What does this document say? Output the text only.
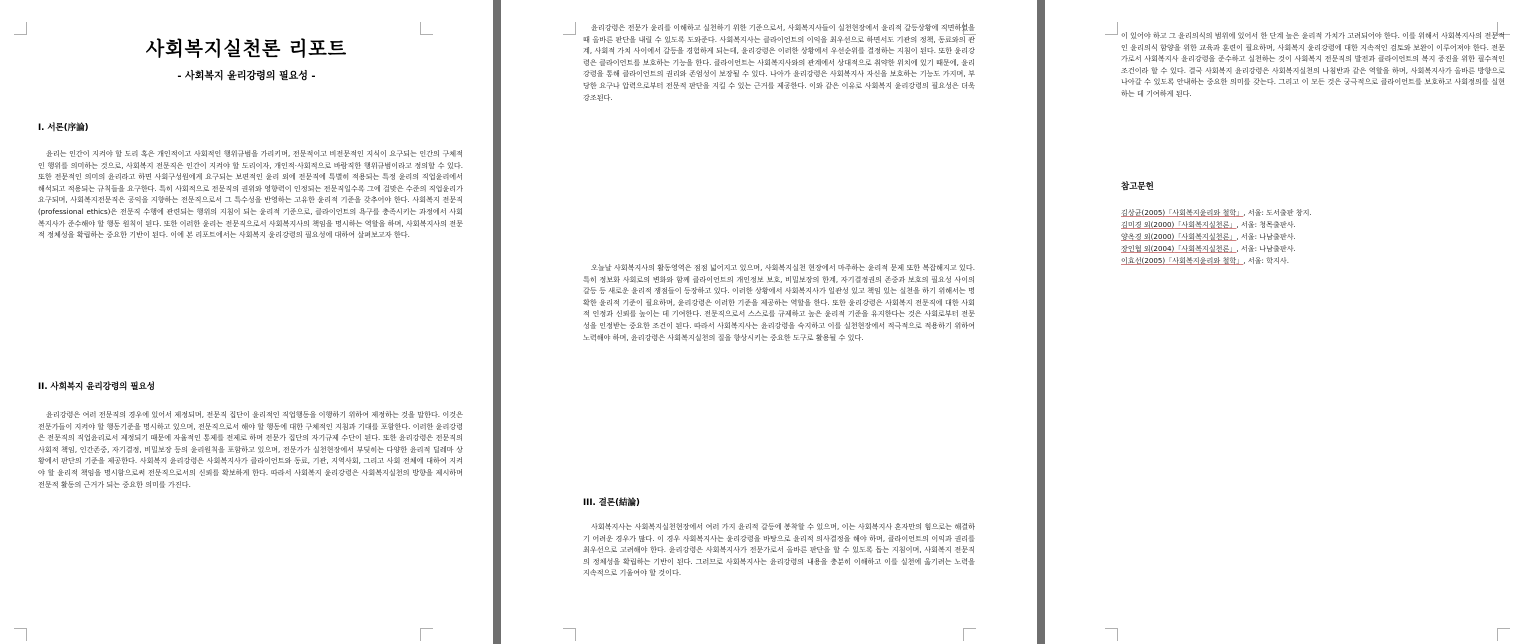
사회복지실천론 리포트

- 사회복지 윤리강령의 필요성 -

I. 서론(序論)

윤리는 인간이 지켜야 할 도리 혹은 개인적이고 사회적인 행위규범을 가리키며, 전문적이고 비전문적인 지식이 요구되는 인간의 구체적인 행위를 의미하는 것으로, 사회복지 전문직은 인간이 지켜야 할 도리이자, 개인적·사회적으로 바람직한 행위규범이라고 정의할 수 있다. 또한 전문적인 의미의 윤리라고 하면 사회구성원에게 요구되는 보편적인 윤리 외에 전문직에 특별히 적용되는 특정 윤리의 직업윤리에서 해석되고 적용되는 규칙들을 요구한다. 특히 사회적으로 전문직의 권위와 영향력이 인정되는 전문직일수록 그에 걸맞은 수준의 직업윤리가 요구되며, 사회복지전문직은 공익을 지향하는 전문직으로서 그 특수성을 반영하는 고유한 윤리적 기준을 갖추어야 한다. 사회복지 전문직(professional ethics)은 전문직 수행에 관련되는 행위의 지침이 되는 윤리적 기준으로, 클라이언트의 욕구를 충족시키는 과정에서 사회복지사가 준수해야 할 행동 원칙이 된다. 또한 이러한 윤리는 전문직으로서 사회복지사의 책임을 명시하는 역할을 하며, 사회복지사의 전문적 정체성을 확립하는 중요한 기반이 된다. 이에 본 리포트에서는 사회복지 윤리강령의 필요성에 대하여 살펴보고자 한다.

II. 사회복지 윤리강령의 필요성

윤리강령은 여러 전문직의 경우에 있어서 제정되며, 전문직 집단이 윤리적인 직업행동을 이행하기 위하여 제정하는 것을 말한다. 이것은 전문가들이 지켜야 할 행동기준을 명시하고 있으며, 전문직으로서 해야 할 행동에 대한 구체적인 지침과 기대를 포함한다. 이러한 윤리강령은 전문직의 직업윤리로서 제정되기 때문에 자율적인 통제를 전제로 하며 전문가 집단의 자기규제 수단이 된다. 또한 윤리강령은 전문직의 사회적 책임, 인간존중, 자기결정, 비밀보장 등의 윤리원칙을 포함하고 있으며, 전문가가 실천현장에서 부딪히는 다양한 윤리적 딜레마 상황에서 판단의 기준을 제공한다. 사회복지 윤리강령은 사회복지사가 클라이언트와 동료, 기관, 지역사회, 그리고 사회 전체에 대하여 지켜야 할 윤리적 책임을 명시함으로써 전문직으로서의 신뢰를 확보하게 한다. 따라서 사회복지 윤리강령은 사회복지실천의 방향을 제시하며 전문적 활동의 근거가 되는 중요한 의미를 가진다.

윤리강령은 전문가 윤리를 이해하고 실천하기 위한 기준으로서, 사회복지사들이 실천현장에서 윤리적 갈등상황에 직면하였을 때 올바른 판단을 내릴 수 있도록 도와준다. 사회복지사는 클라이언트의 이익을 최우선으로 하면서도 기관의 정책, 동료와의 관계, 사회적 가치 사이에서 갈등을 경험하게 되는데, 윤리강령은 이러한 상황에서 우선순위를 결정하는 지침이 된다. 또한 윤리강령은 클라이언트를 보호하는 기능을 한다. 클라이언트는 사회복지사와의 관계에서 상대적으로 취약한 위치에 있기 때문에, 윤리강령을 통해 클라이언트의 권리와 존엄성이 보장될 수 있다. 나아가 윤리강령은 사회복지사 자신을 보호하는 기능도 가지며, 부당한 요구나 압력으로부터 전문적 판단을 지킬 수 있는 근거를 제공한다. 이와 같은 이유로 사회복지 윤리강령의 필요성은 더욱 강조된다.

오늘날 사회복지사의 활동영역은 점점 넓어지고 있으며, 사회복지실천 현장에서 마주하는 윤리적 문제 또한 복잡해지고 있다. 특히 정보화 사회로의 변화와 함께 클라이언트의 개인정보 보호, 비밀보장의 한계, 자기결정권의 존중과 보호의 필요성 사이의 갈등 등 새로운 윤리적 쟁점들이 등장하고 있다. 이러한 상황에서 사회복지사가 일관성 있고 책임 있는 실천을 하기 위해서는 명확한 윤리적 기준이 필요하며, 윤리강령은 이러한 기준을 제공하는 역할을 한다. 또한 윤리강령은 사회복지 전문직에 대한 사회적 인정과 신뢰를 높이는 데 기여한다. 전문직으로서 스스로를 규제하고 높은 윤리적 기준을 유지한다는 것은 사회로부터 전문성을 인정받는 중요한 조건이 된다. 따라서 사회복지사는 윤리강령을 숙지하고 이를 실천현장에서 적극적으로 적용하기 위하여 노력해야 하며, 윤리강령은 사회복지실천의 질을 향상시키는 중요한 도구로 활용될 수 있다.

III. 결론(結論)

사회복지사는 사회복지실천현장에서 여러 가지 윤리적 갈등에 봉착할 수 있으며, 이는 사회복지사 혼자만의 힘으로는 해결하기 어려운 경우가 많다. 이 경우 사회복지사는 윤리강령을 바탕으로 윤리적 의사결정을 해야 하며, 클라이언트의 이익과 권리를 최우선으로 고려해야 한다. 윤리강령은 사회복지사가 전문가로서 올바른 판단을 할 수 있도록 돕는 지침이며, 사회복지 전문직의 정체성을 확립하는 기반이 된다. 그러므로 사회복지사는 윤리강령의 내용을 충분히 이해하고 이를 실천에 옮기려는 노력을 지속적으로 기울여야 할 것이다.

이 있어야 하고 그 윤리의식의 범위에 있어서 한 단계 높은 윤리적 가치가 고려되어야 한다. 이를 위해서 사회복지사의 전문적인 윤리의식 함양을 위한 교육과 훈련이 필요하며, 사회복지 윤리강령에 대한 지속적인 검토와 보완이 이루어져야 한다. 전문가로서 사회복지사 윤리강령을 준수하고 실천하는 것이 사회복지 전문직의 발전과 클라이언트의 복지 증진을 위한 필수적인 조건이라 할 수 있다. 결국 사회복지 윤리강령은 사회복지실천의 나침반과 같은 역할을 하며, 사회복지사가 올바른 방향으로 나아갈 수 있도록 안내하는 중요한 의미를 갖는다. 그리고 이 모든 것은 궁극적으로 클라이언트를 보호하고 사회정의를 실현하는 데 기여하게 된다.

참고문헌

김상균(2005)「사회복지윤리와 철학」, 서울: 도서출판 창지.

김미경 외(2000)「사회복지실천론」, 서울: 청목출판사.

양옥경 외(2000)「사회복지실천론」, 서울: 나남출판사.

장인협 외(2004)「사회복지실천론」, 서울: 나남출판사.

이효선(2005)「사회복지윤리와 철학」, 서울: 학지사.
